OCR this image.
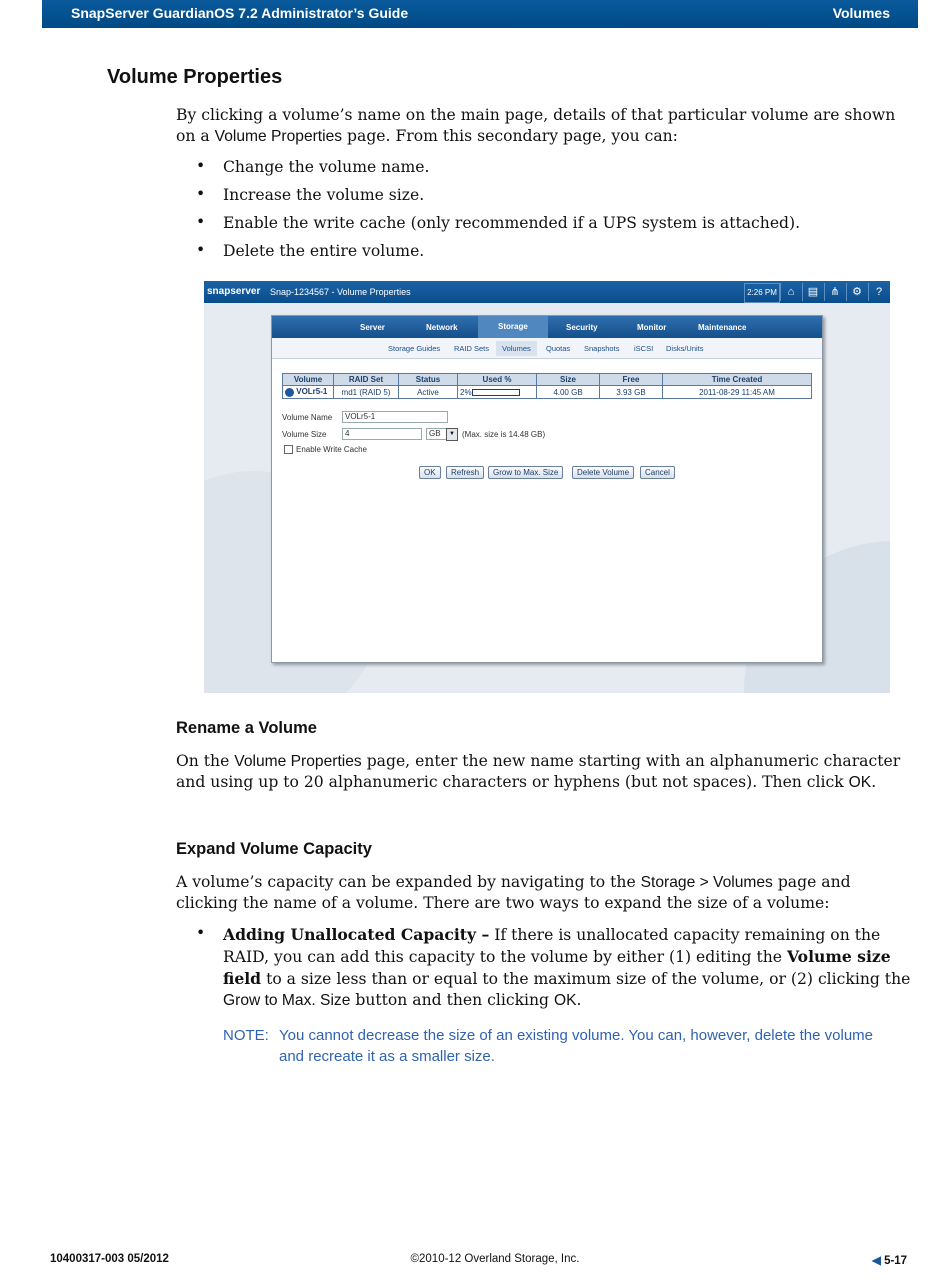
SnapServer GuardianOS 7.2 Administrator’s Guide	Volumes
Volume Properties
By clicking a volume’s name on the main page, details of that particular volume are shown on a Volume Properties page. From this secondary page, you can:
• Change the volume name.
• Increase the volume size.
• Enable the write cache (only recommended if a UPS system is attached).
• Delete the entire volume.
snapserver Snap-1234567 - Volume Properties	2:26 PM ⌂	▤	⋔	⚙	?
Server	Network	Storage	Security	Monitor	Maintenance
Storage Guides RAID Sets	Volumes	Quotas Snapshots iSCSI Disks/Units
Volume	RAID Set	Status	Used %	Size	Free	Time Created
VOLr5-1	md1 (RAID 5)	Active	2%	4.00 GB	3.93 GB	2011-08-29 11:45 AM
Volume Name	VOLr5-1
Volume Size	4	GB	▼ (Max. size is 14.48 GB)
Enable Write Cache
OK	Refresh	Grow to Max. Size	Delete Volume	Cancel
Rename a Volume
On the Volume Properties page, enter the new name starting with an alphanumeric character and using up to 20 alphanumeric characters or hyphens (but not spaces). Then click OK.
Expand Volume Capacity
A volume’s capacity can be expanded by navigating to the Storage > Volumes page and clicking the name of a volume. There are two ways to expand the size of a volume:
• Adding Unallocated Capacity – If there is unallocated capacity remaining on the RAID, you can add this capacity to the volume by either (1) editing the Volume size field to a size less than or equal to the maximum size of the volume, or (2) clicking the Grow to Max. Size button and then clicking OK.
NOTE: You cannot decrease the size of an existing volume. You can, however, delete the volume and recreate it as a smaller size.
10400317-003 05/2012	©2010-12 Overland Storage, Inc.	◀ 5-17
